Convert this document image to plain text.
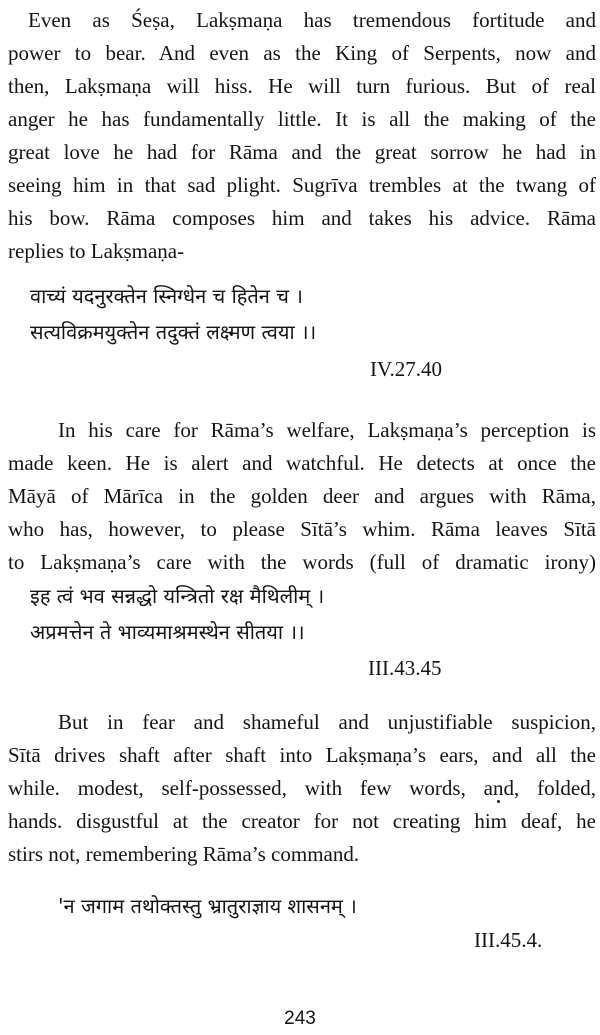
Even as Śeṣa, Lakṣmaṇa has tremendous fortitude and
power to bear. And even as the King of Serpents, now and
then, Lakṣmaṇa will hiss. He will turn furious. But of real
anger he has fundamentally little. It is all the making of the
great love he had for Rāma and the great sorrow he had in
seeing him in that sad plight. Sugrīva trembles at the twang of
his bow. Rāma composes him and takes his advice. Rāma
replies to Lakṣmaṇa-

वाच्यं यदनुरक्तेन स्निग्धेन च हितेन च ।
सत्यविक्रमयुक्तेन तदुक्तं लक्ष्मण त्वया ।।
IV.27.40

In his care for Rāma’s welfare, Lakṣmaṇa’s perception is
made keen. He is alert and watchful. He detects at once the
Māyā of Mārīca in the golden deer and argues with Rāma,
who has, however, to please Sītā’s whim. Rāma leaves Sītā
to Lakṣmaṇa’s care with the words (full of dramatic irony)

इह त्वं भव सन्नद्धो यन्त्रितो रक्ष मैथिलीम् ।
अप्रमत्तेन ते भाव्यमाश्रमस्थेन सीतया ।।
III.43.45

But in fear and shameful and unjustifiable suspicion,
Sītā drives shaft after shaft into Lakṣmaṇa’s ears, and all the
while. modest, self-possessed, with few words, and, folded,
hands. disgustful at the creator for not creating him deaf, he
stirs not, remembering Rāma’s command.

'न जगाम तथोक्तस्तु भ्रातुराज्ञाय शासनम् ।
III.45.4.
243
